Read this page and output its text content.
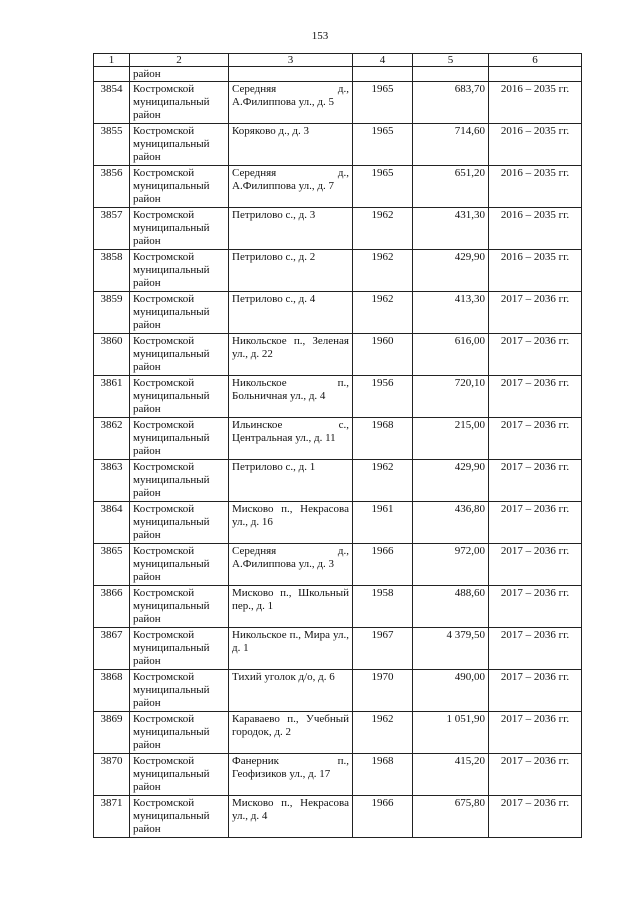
153
1	2	3	4	5	6
	район				
3854	Костромской муниципальный район	Середняя д., А.Филиппова ул., д. 5	1965	683,70	2016 – 2035 гг.
3855	Костромской муниципальный район	Коряково д., д. 3	1965	714,60	2016 – 2035 гг.
3856	Костромской муниципальный район	Середняя д., А.Филиппова ул., д. 7	1965	651,20	2016 – 2035 гг.
3857	Костромской муниципальный район	Петрилово с., д. 3	1962	431,30	2016 – 2035 гг.
3858	Костромской муниципальный район	Петрилово с., д. 2	1962	429,90	2016 – 2035 гг.
3859	Костромской муниципальный район	Петрилово с., д. 4	1962	413,30	2017 – 2036 гг.
3860	Костромской муниципальный район	Никольское п., Зеленая ул., д. 22	1960	616,00	2017 – 2036 гг.
3861	Костромской муниципальный район	Никольское п., Больничная ул., д. 4	1956	720,10	2017 – 2036 гг.
3862	Костромской муниципальный район	Ильинское с., Центральная ул., д. 11	1968	215,00	2017 – 2036 гг.
3863	Костромской муниципальный район	Петрилово с., д. 1	1962	429,90	2017 – 2036 гг.
3864	Костромской муниципальный район	Мисково п., Некрасова ул., д. 16	1961	436,80	2017 – 2036 гг.
3865	Костромской муниципальный район	Середняя д., А.Филиппова ул., д. 3	1966	972,00	2017 – 2036 гг.
3866	Костромской муниципальный район	Мисково п., Школьный пер., д. 1	1958	488,60	2017 – 2036 гг.
3867	Костромской муниципальный район	Никольское п., Мира ул., д. 1	1967	4 379,50	2017 – 2036 гг.
3868	Костромской муниципальный район	Тихий уголок д/о, д. 6	1970	490,00	2017 – 2036 гг.
3869	Костромской муниципальный район	Караваево п., Учебный городок, д. 2	1962	1 051,90	2017 – 2036 гг.
3870	Костромской муниципальный район	Фанерник п., Геофизиков ул., д. 17	1968	415,20	2017 – 2036 гг.
3871	Костромской муниципальный район	Мисково п., Некрасова ул., д. 4	1966	675,80	2017 – 2036 гг.
